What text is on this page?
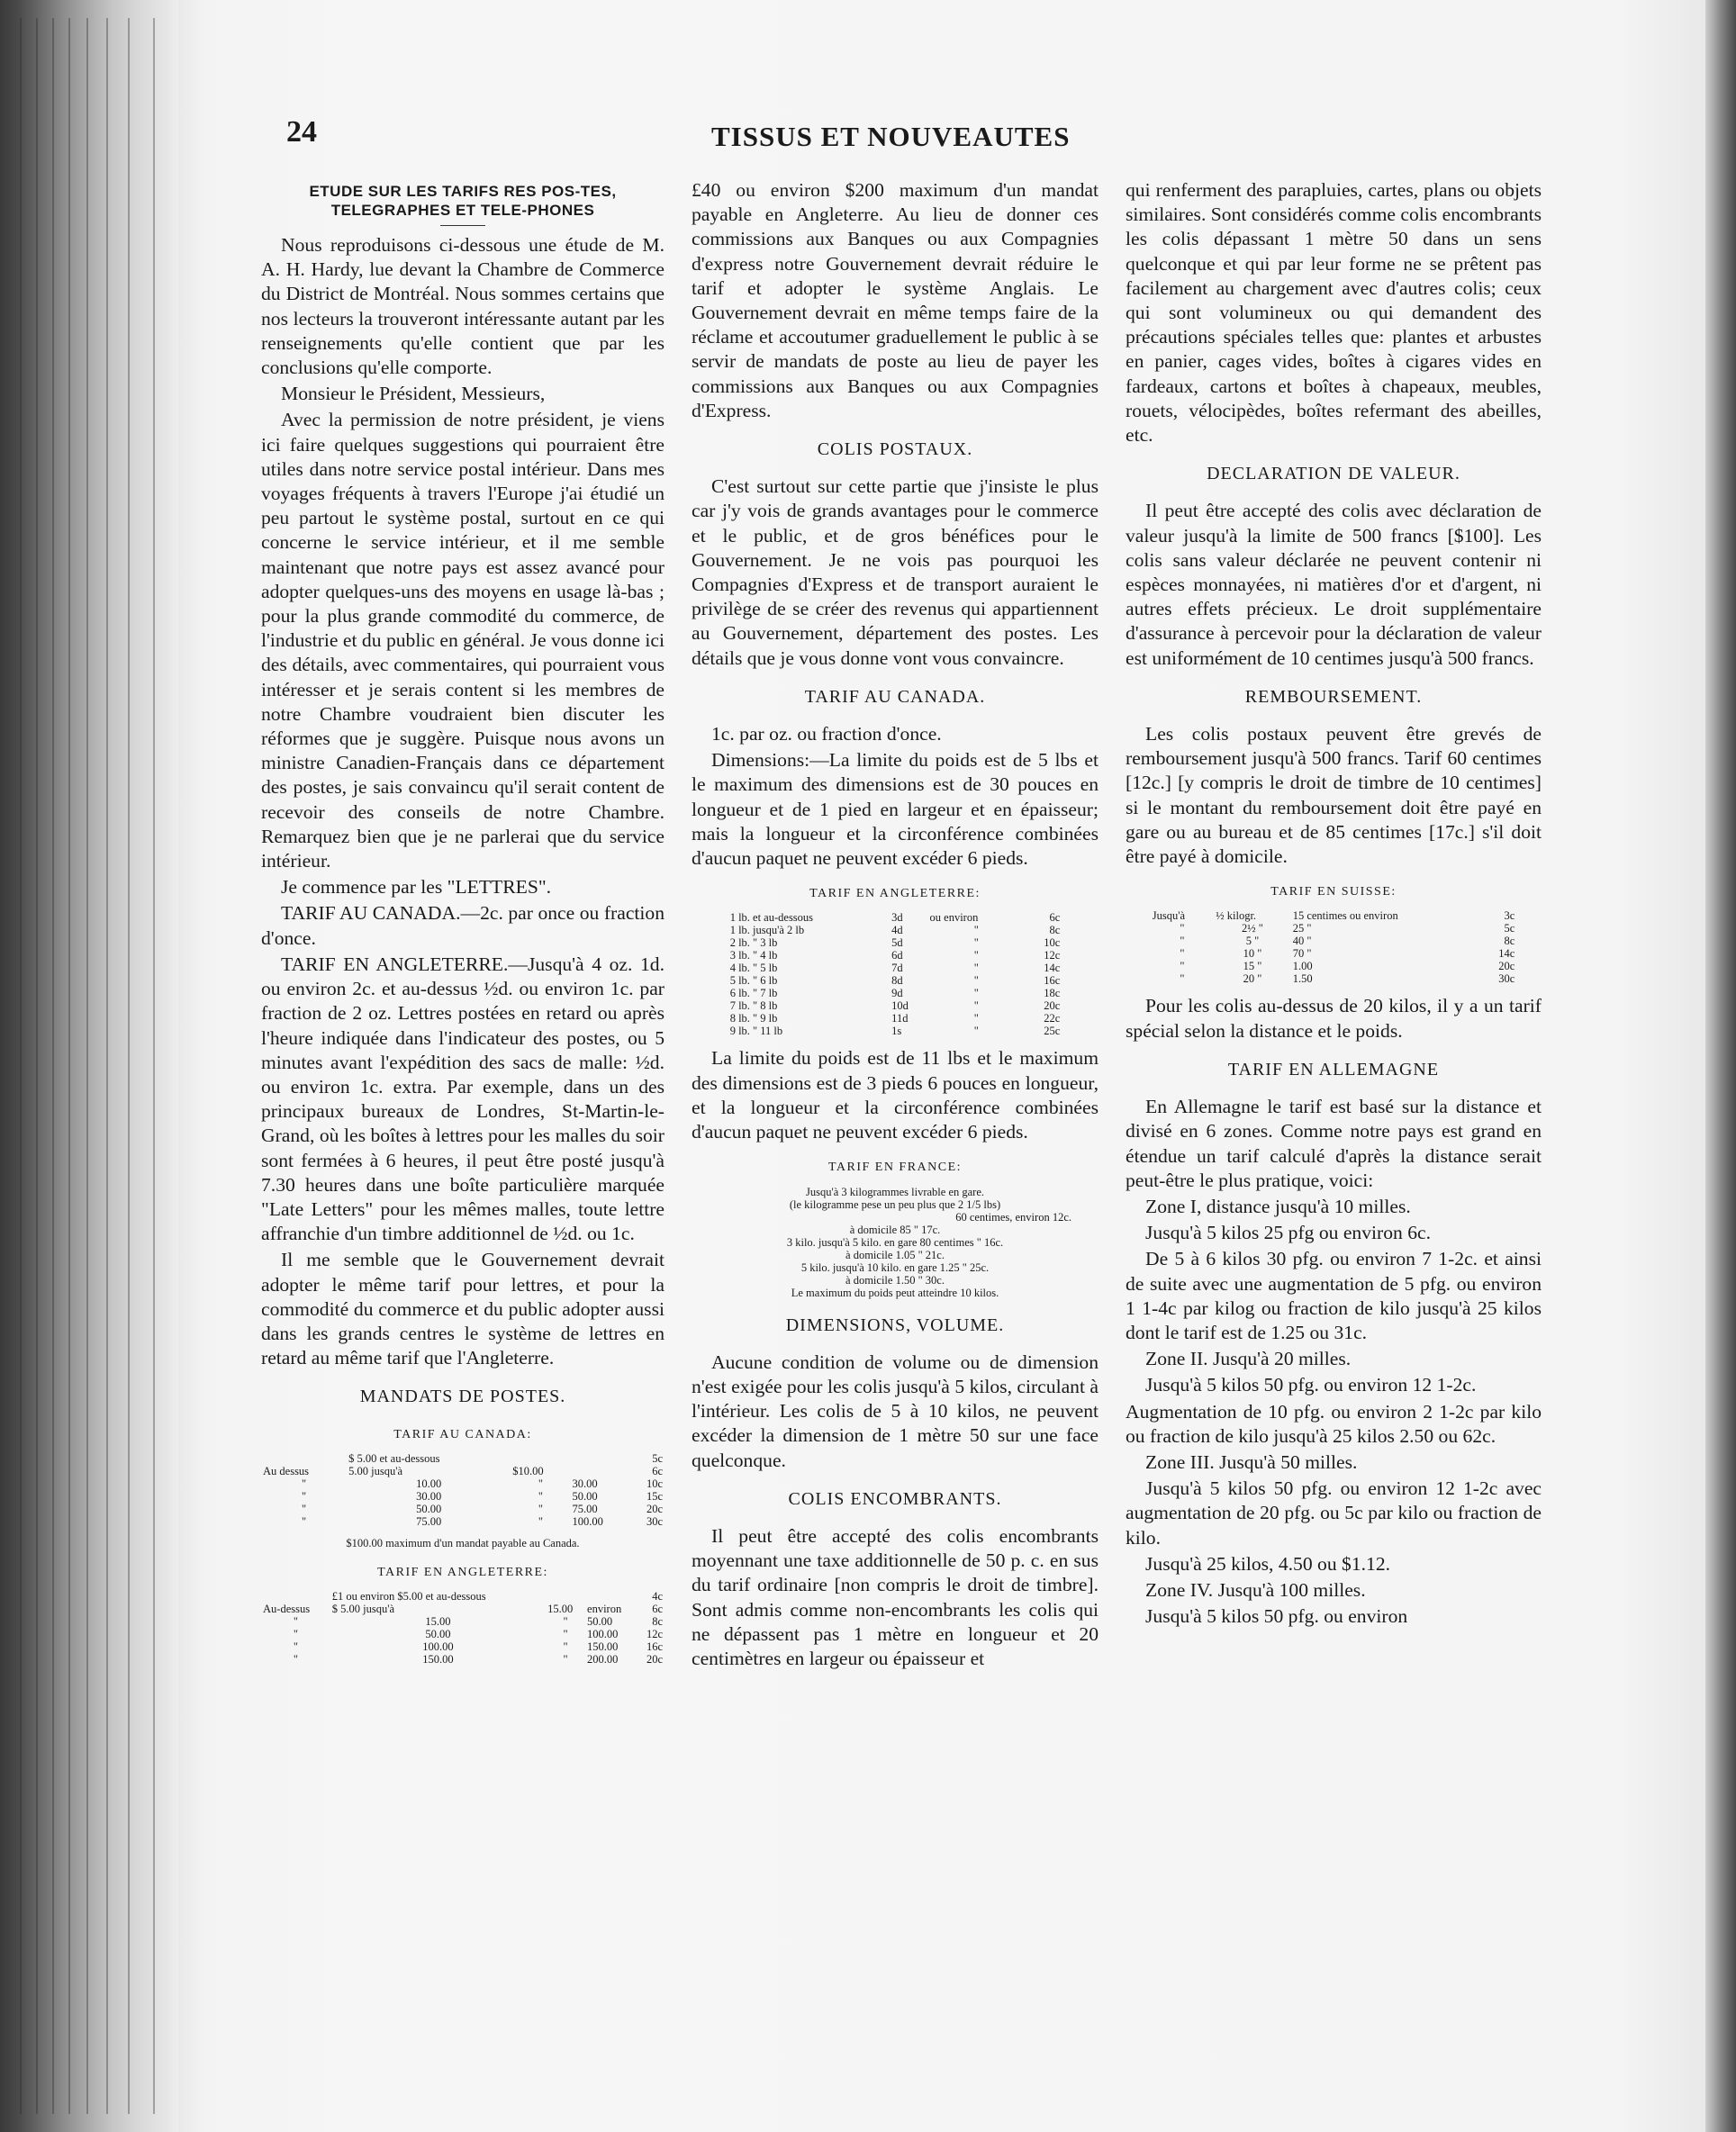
24	TISSUS ET NOUVEAUTES
ETUDE SUR LES TARIFS RES POS-TES, TELEGRAPHES ET TELE-PHONES

Nous reproduisons ci-dessous une étude de M. A. H. Hardy, lue devant la Chambre de Commerce du District de Montréal. Nous sommes certains que nos lecteurs la trouveront intéressante autant par les renseignements qu'elle contient que par les conclusions qu'elle comporte.

Monsieur le Président, Messieurs,

Avec la permission de notre président, je viens ici faire quelques suggestions qui pourraient être utiles dans notre service postal intérieur. Dans mes voyages fréquents à travers l'Europe j'ai étudié un peu partout le système postal, surtout en ce qui concerne le service intérieur, et il me semble maintenant que notre pays est assez avancé pour adopter quelques-uns des moyens en usage là-bas ; pour la plus grande commodité du commerce, de l'industrie et du public en général. Je vous donne ici des détails, avec commentaires, qui pourraient vous intéresser et je serais content si les membres de notre Chambre voudraient bien discuter les réformes que je suggère. Puisque nous avons un ministre Canadien-Français dans ce département des postes, je sais convaincu qu'il serait content de recevoir des conseils de notre Chambre. Remarquez bien que je ne parlerai que du service intérieur.

Je commence par les "LETTRES".

TARIF AU CANADA.—2c. par once ou fraction d'once.

TARIF EN ANGLETERRE.—Jusqu'à 4 oz. 1d. ou environ 2c. et au-dessus ½d. ou environ 1c. par fraction de 2 oz. Lettres postées en retard ou après l'heure indiquée dans l'indicateur des postes, ou 5 minutes avant l'expédition des sacs de malle: ½d. ou environ 1c. extra. Par exemple, dans un des principaux bureaux de Londres, St-Martin-le-Grand, où les boîtes à lettres pour les malles du soir sont fermées à 6 heures, il peut être posté jusqu'à 7.30 heures dans une boîte particulière marquée "Late Letters" pour les mêmes malles, toute lettre affranchie d'un timbre additionnel de ½d. ou 1c.

Il me semble que le Gouvernement devrait adopter le même tarif pour lettres, et pour la commodité du commerce et du public adopter aussi dans les grands centres le système de lettres en retard au même tarif que l'Angleterre.

MANDATS DE POSTES.
TARIF AU CANADA:
	$ 5.00 et au-dessous			5c
Au dessus	5.00 jusqu'à	$10.00		6c
"	10.00	"	30.00	10c
"	30.00	"	50.00	15c
"	50.00	"	75.00	20c
"	75.00	"	100.00	30c
$100.00 maximum d'un mandat payable au Canada.
TARIF EN ANGLETERRE:
	£1 ou environ $5.00 et au-dessous			4c
Au-dessus	$ 5.00 jusqu'à	15.00	environ	6c
"	15.00	"	50.00	8c
"	50.00	"	100.00	12c
"	100.00	"	150.00	16c
"	150.00	"	200.00	20c

£40 ou environ $200 maximum d'un mandat payable en Angleterre. Au lieu de donner ces commissions aux Banques ou aux Compagnies d'express notre Gouvernement devrait réduire le tarif et adopter le système Anglais. Le Gouvernement devrait en même temps faire de la réclame et accoutumer graduellement le public à se servir de mandats de poste au lieu de payer les commissions aux Banques ou aux Compagnies d'Express.

COLIS POSTAUX.

C'est surtout sur cette partie que j'insiste le plus car j'y vois de grands avantages pour le commerce et le public, et de gros bénéfices pour le Gouvernement. Je ne vois pas pourquoi les Compagnies d'Express et de transport auraient le privilège de se créer des revenus qui appartiennent au Gouvernement, département des postes. Les détails que je vous donne vont vous convaincre.

TARIF AU CANADA.

1c. par oz. ou fraction d'once.

Dimensions:—La limite du poids est de 5 lbs et le maximum des dimensions est de 30 pouces en longueur et de 1 pied en largeur et en épaisseur; mais la longueur et la circonférence combinées d'aucun paquet ne peuvent excéder 6 pieds.

TARIF EN ANGLETERRE:
1 lb. et au-dessous	3d	ou environ	6c
1 lb. jusqu'à 2 lb	4d	"	8c
2 lb. " 3 lb	5d	"	10c
3 lb. " 4 lb	6d	"	12c
4 lb. " 5 lb	7d	"	14c
5 lb. " 6 lb	8d	"	16c
6 lb. " 7 lb	9d	"	18c
7 lb. " 8 lb	10d	"	20c
8 lb. " 9 lb	11d	"	22c
9 lb. " 11 lb	1s	"	25c

La limite du poids est de 11 lbs et le maximum des dimensions est de 3 pieds 6 pouces en longueur, et la longueur et la circonférence combinées d'aucun paquet ne peuvent excéder 6 pieds.

TARIF EN FRANCE:
Jusqu'à 3 kilogrammes livrable en gare.
(le kilogramme pese un peu plus que 2 1/5 lbs)
60 centimes, environ 12c.
à domicile 85 " 17c.
3 kilo. jusqu'à 5 kilo. en gare 80 centimes " 16c.
à domicile 1.05 " 21c.
5 kilo. jusqu'à 10 kilo. en gare 1.25 " 25c.
à domicile 1.50 " 30c.
Le maximum du poids peut atteindre 10 kilos.
DIMENSIONS, VOLUME.

Aucune condition de volume ou de dimension n'est exigée pour les colis jusqu'à 5 kilos, circulant à l'intérieur. Les colis de 5 à 10 kilos, ne peuvent excéder la dimension de 1 mètre 50 sur une face quelconque.

COLIS ENCOMBRANTS.

Il peut être accepté des colis encombrants moyennant une taxe additionnelle de 50 p. c. en sus du tarif ordinaire [non compris le droit de timbre]. Sont admis comme non-encombrants les colis qui ne dépassent pas 1 mètre en longueur et 20 centimètres en largeur ou épaisseur et

qui renferment des parapluies, cartes, plans ou objets similaires. Sont considérés comme colis encombrants les colis dépassant 1 mètre 50 dans un sens quelconque et qui par leur forme ne se prêtent pas facilement au chargement avec d'autres colis; ceux qui sont volumineux ou qui demandent des précautions spéciales telles que: plantes et arbustes en panier, cages vides, boîtes à cigares vides en fardeaux, cartons et boîtes à chapeaux, meubles, rouets, vélocipèdes, boîtes refermant des abeilles, etc.

DECLARATION DE VALEUR.

Il peut être accepté des colis avec déclaration de valeur jusqu'à la limite de 500 francs [$100]. Les colis sans valeur déclarée ne peuvent contenir ni espèces monnayées, ni matières d'or et d'argent, ni autres effets précieux. Le droit supplémentaire d'assurance à percevoir pour la déclaration de valeur est uniformément de 10 centimes jusqu'à 500 francs.

REMBOURSEMENT.

Les colis postaux peuvent être grevés de remboursement jusqu'à 500 francs. Tarif 60 centimes [12c.] [y compris le droit de timbre de 10 centimes] si le montant du remboursement doit être payé en gare ou au bureau et de 85 centimes [17c.] s'il doit être payé à domicile.

TARIF EN SUISSE:
Jusqu'à	½ kilogr.	15 centimes ou environ	3c
"	2½ "	25 "	5c
"	5 "	40 "	8c
"	10 "	70 "	14c
"	15 "	1.00	20c
"	20 "	1.50	30c

Pour les colis au-dessus de 20 kilos, il y a un tarif spécial selon la distance et le poids.

TARIF EN ALLEMAGNE

En Allemagne le tarif est basé sur la distance et divisé en 6 zones. Comme notre pays est grand en étendue un tarif calculé d'après la distance serait peut-être le plus pratique, voici:

Zone I, distance jusqu'à 10 milles.

Jusqu'à 5 kilos 25 pfg ou environ 6c.

De 5 à 6 kilos 30 pfg. ou environ 7 1-2c. et ainsi de suite avec une augmentation de 5 pfg. ou environ 1 1-4c par kilog ou fraction de kilo jusqu'à 25 kilos dont le tarif est de 1.25 ou 31c.

Zone II. Jusqu'à 20 milles.

Jusqu'à 5 kilos 50 pfg. ou environ 12 1-2c.

Augmentation de 10 pfg. ou environ 2 1-2c par kilo ou fraction de kilo jusqu'à 25 kilos 2.50 ou 62c.

Zone III. Jusqu'à 50 milles.

Jusqu'à 5 kilos 50 pfg. ou environ 12 1-2c avec augmentation de 20 pfg. ou 5c par kilo ou fraction de kilo.

Jusqu'à 25 kilos, 4.50 ou $1.12.

Zone IV. Jusqu'à 100 milles.

Jusqu'à 5 kilos 50 pfg. ou environ
